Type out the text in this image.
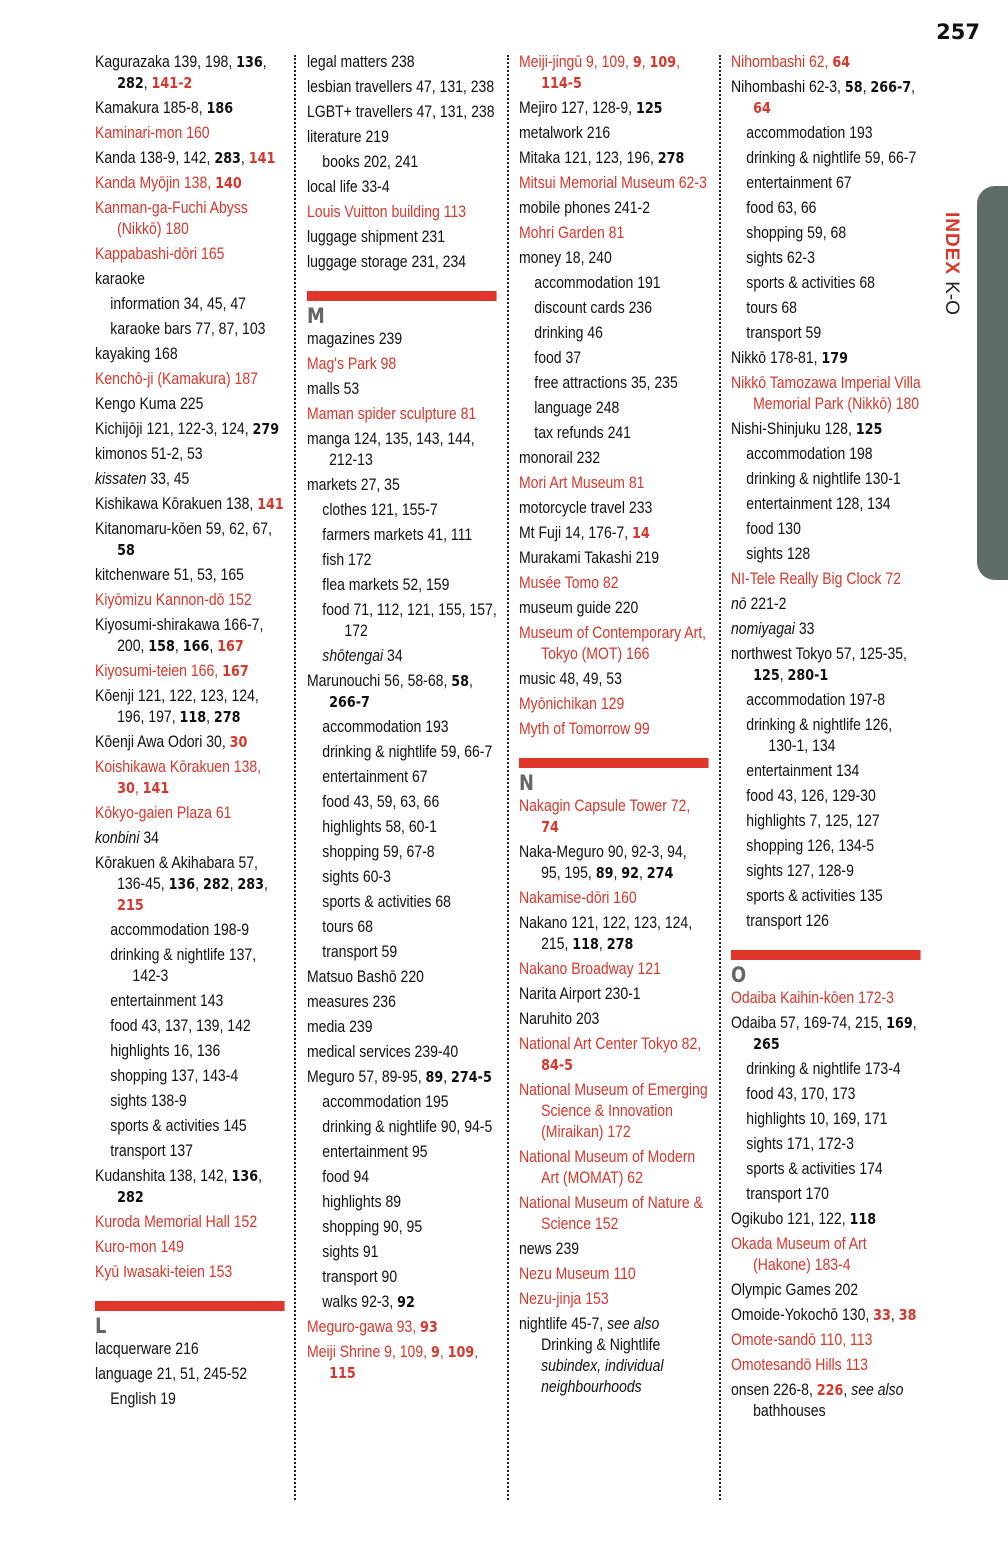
257
INDEXK-O
Kagurazaka 139, 198, 136, 282, 141-2
Kamakura 185-8, 186
Kaminari-mon 160
Kanda 138-9, 142, 283, 141
Kanda Myōjin 138, 140
Kanman-ga-Fuchi Abyss (Nikkō) 180
Kappabashi-dōri 165
karaoke
information 34, 45, 47
karaoke bars 77, 87, 103
kayaking 168
Kenchō-ji (Kamakura) 187
Kengo Kuma 225
Kichijōji 121, 122-3, 124, 279
kimonos 51-2, 53
kissaten 33, 45
Kishikawa Kōrakuen 138, 141
Kitanomaru-kōen 59, 62, 67, 58
kitchenware 51, 53, 165
Kiyōmizu Kannon-dō 152
Kiyosumi-shirakawa 166-7, 200, 158, 166, 167
Kiyosumi-teien 166, 167
Kōenji 121, 122, 123, 124, 196, 197, 118, 278
Kōenji Awa Odori 30, 30
Koishikawa Kōrakuen 138, 30, 141
Kōkyo-gaien Plaza 61
konbini 34
Kōrakuen & Akihabara 57, 136-45, 136, 282, 283, 215
accommodation 198-9
drinking & nightlife 137, 142-3
entertainment 143
food 43, 137, 139, 142
highlights 16, 136
shopping 137, 143-4
sights 138-9
sports & activities 145
transport 137
Kudanshita 138, 142, 136, 282
Kuroda Memorial Hall 152
Kuro-mon 149
Kyū Iwasaki-teien 153
L
lacquerware 216
language 21, 51, 245-52
English 19
legal matters 238
lesbian travellers 47, 131, 238
LGBT+ travellers 47, 131, 238
literature 219
books 202, 241
local life 33-4
Louis Vuitton building 113
luggage shipment 231
luggage storage 231, 234
M
magazines 239
Mag's Park 98
malls 53
Maman spider sculpture 81
manga 124, 135, 143, 144, 212-13
markets 27, 35
clothes 121, 155-7
farmers markets 41, 111
fish 172
flea markets 52, 159
food 71, 112, 121, 155, 157, 172
shōtengai 34
Marunouchi 56, 58-68, 58, 266-7
accommodation 193
drinking & nightlife 59, 66-7
entertainment 67
food 43, 59, 63, 66
highlights 58, 60-1
shopping 59, 67-8
sights 60-3
sports & activities 68
tours 68
transport 59
Matsuo Bashō 220
measures 236
media 239
medical services 239-40
Meguro 57, 89-95, 89, 274-5
accommodation 195
drinking & nightlife 90, 94-5
entertainment 95
food 94
highlights 89
shopping 90, 95
sights 91
transport 90
walks 92-3, 92
Meguro-gawa 93, 93
Meiji Shrine 9, 109, 9, 109, 115
Meiji-jingū 9, 109, 9, 109, 114-5
Mejiro 127, 128-9, 125
metalwork 216
Mitaka 121, 123, 196, 278
Mitsui Memorial Museum 62-3
mobile phones 241-2
Mohri Garden 81
money 18, 240
accommodation 191
discount cards 236
drinking 46
food 37
free attractions 35, 235
language 248
tax refunds 241
monorail 232
Mori Art Museum 81
motorcycle travel 233
Mt Fuji 14, 176-7, 14
Murakami Takashi 219
Musée Tomo 82
museum guide 220
Museum of Contemporary Art, Tokyo (MOT) 166
music 48, 49, 53
Myōnichikan 129
Myth of Tomorrow 99
N
Nakagin Capsule Tower 72, 74
Naka-Meguro 90, 92-3, 94, 95, 195, 89, 92, 274
Nakamise-dōri 160
Nakano 121, 122, 123, 124, 215, 118, 278
Nakano Broadway 121
Narita Airport 230-1
Naruhito 203
National Art Center Tokyo 82, 84-5
National Museum of Emerging Science & Innovation (Miraikan) 172
National Museum of Modern Art (MOMAT) 62
National Museum of Nature & Science 152
news 239
Nezu Museum 110
Nezu-jinja 153
nightlife 45-7, see also Drinking & Nightlife subindex, individual neighbourhoods
Nihombashi 62, 64
Nihombashi 62-3, 58, 266-7, 64
accommodation 193
drinking & nightlife 59, 66-7
entertainment 67
food 63, 66
shopping 59, 68
sights 62-3
sports & activities 68
tours 68
transport 59
Nikkō 178-81, 179
Nikkō Tamozawa Imperial Villa Memorial Park (Nikkō) 180
Nishi-Shinjuku 128, 125
accommodation 198
drinking & nightlife 130-1
entertainment 128, 134
food 130
sights 128
NI-Tele Really Big Clock 72
nō 221-2
nomiyagai 33
northwest Tokyo 57, 125-35, 125, 280-1
accommodation 197-8
drinking & nightlife 126, 130-1, 134
entertainment 134
food 43, 126, 129-30
highlights 7, 125, 127
shopping 126, 134-5
sights 127, 128-9
sports & activities 135
transport 126
O
Odaiba Kaihin-kōen 172-3
Odaiba 57, 169-74, 215, 169, 265
drinking & nightlife 173-4
food 43, 170, 173
highlights 10, 169, 171
sights 171, 172-3
sports & activities 174
transport 170
Ogikubo 121, 122, 118
Okada Museum of Art (Hakone) 183-4
Olympic Games 202
Omoide-Yokochō 130, 33, 38
Omote-sandō 110, 113
Omotesandō Hills 113
onsen 226-8, 226, see also bathhouses
